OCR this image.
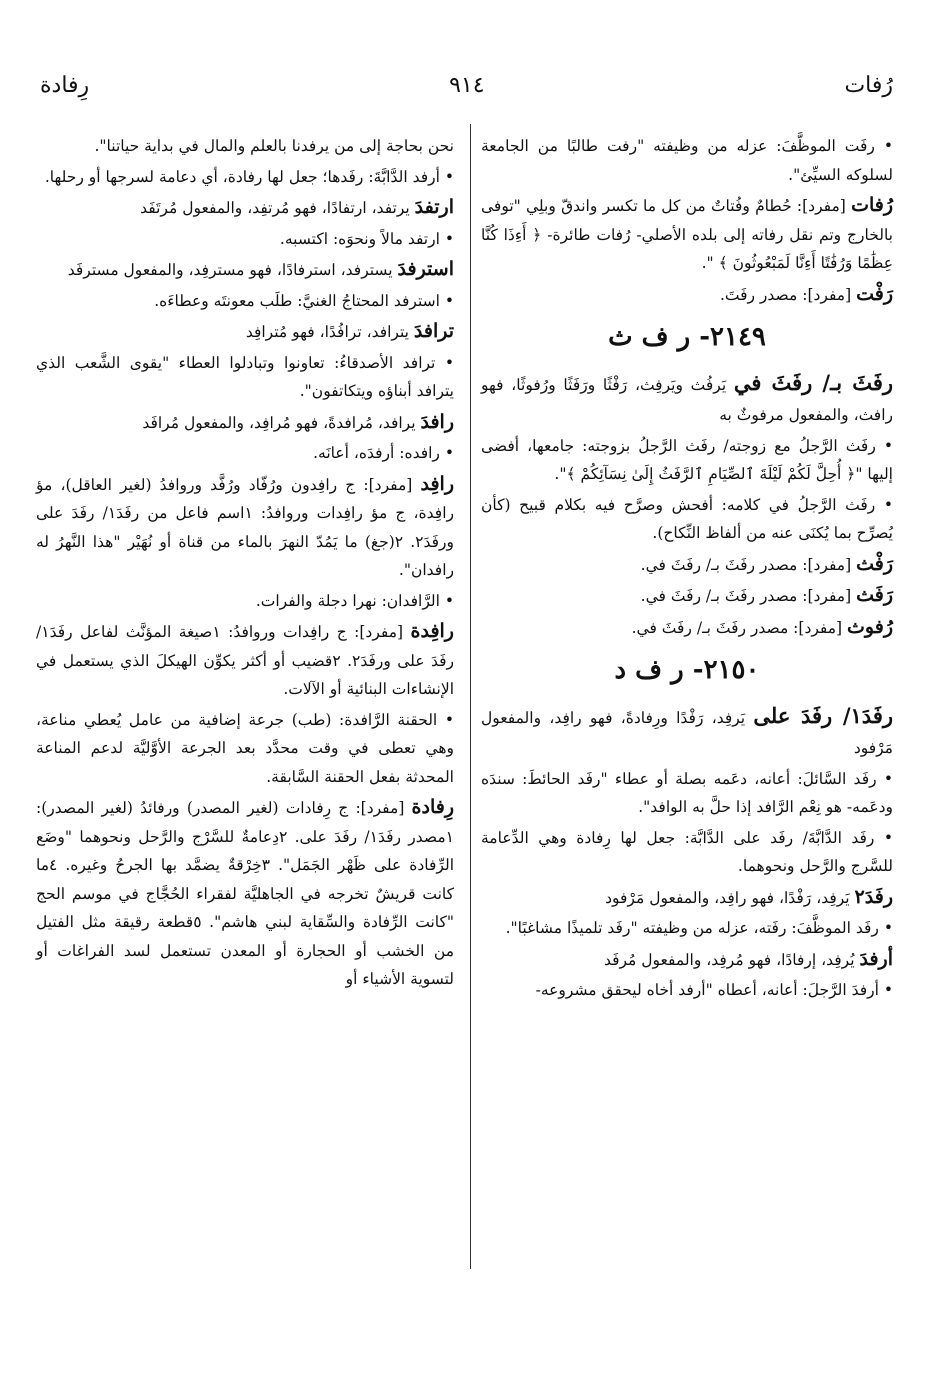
رُفات
٩١٤
رِفادة
• رفَت الموظَّفَ: عزله من وظيفته "رفت طالبًا من الجامعة لسلوكه السيِّئ".
رُفات [مفرد]: حُطامٌ وفُتاتٌ من كل ما تكسر واندقّ وبلِي "توفى بالخارج وتم نقل رفاته إلى بلده الأصلي- رُفات طائرة- ﴿ أَءِذَا كُنَّا عِظَٰمًا وَرُفَٰتًا أَءِنَّا لَمَبْعُوثُونَ ﴾ ".
رَفْت [مفرد]: مصدر رفَتَ.
٢١٤٩- ر ف ث
رفَثَ بـ/ رفَثَ في يَرفُث ويَرفِث، رَفْثًا ورَفَثًا ورُفوثًا، فهو رافث، والمفعول مرفوثٌ به
• رفَث الرَّجلُ مع زوجته/ رفَث الرَّجلُ بزوجته: جامعها، أفضى إليها "﴿ أُحِلَّ لَكُمْ لَيْلَةَ ٱلصِّيَامِ ٱلرَّفَثُ إِلَىٰ نِسَآئِكُمْ ﴾".
• رفَث الرَّجلُ في كلامه: أفحش وصرَّح فيه بكلام قبيح (كأن يُصرِّح بما يُكنَى عنه من ألفاظ النِّكاح).
رَفْث [مفرد]: مصدر رفَثَ بـ/ رفَثَ في.
رَفَث [مفرد]: مصدر رفَثَ بـ/ رفَثَ في.
رُفوث [مفرد]: مصدر رفَثَ بـ/ رفَثَ في.
٢١٥٠- ر ف د
رفَدَ١/ رفَدَ على يَرفِد، رَفْدًا ورِفادةً، فهو رافِد، والمفعول مَرْفود
• رفَد السَّائلَ: أعانه، دعَمه بصلة أو عطاء "رفَد الحائطَ: سندَه ودعَمه- هو نِعْم الرَّافد إذا حلَّ به الوافد".
• رفَد الدَّابَّةَ/ رفَد على الدَّابَّة: جعل لها رِفادة وهي الدِّعامة للسَّرج والرَّحل ونحوهما.
رفَدَ٢ يَرفِد، رَفْدًا، فهو رافِد، والمفعول مَرْفود
• رفَد الموظَّفَ: رفَته، عزله من وظيفته "رفَد تلميذًا مشاغبًا".
أرفدَ يُرفِد، إرفادًا، فهو مُرفِد، والمفعول مُرفَد
• أرفدَ الرَّجلَ: أعانه، أعطاه "أرفد أخاه ليحقق مشروعه-
نحن بحاجة إلى من يرفدنا بالعلم والمال في بداية حياتنا".
• أرفد الدَّابَّةَ: رفَدها؛ جعل لها رفادة، أي دعامة لسرجها أو رحلها.
ارتفدَ يرتفد، ارتفادًا، فهو مُرتفِد، والمفعول مُرتَفَد
• ارتفد مالاً ونحوَه: اكتسبه.
استرفدَ يسترفد، استرفادًا، فهو مسترفِد، والمفعول مسترفَد
• استرفد المحتاجُ الغنيَّ: طلَب معونتَه وعطاءَه.
ترافدَ يترافد، ترافُدًا، فهو مُترافِد
• ترافد الأصدقاءُ: تعاونوا وتبادلوا العطاء "يقوى الشَّعب الذي يترافد أبناؤه ويتكاتفون".
رافدَ يرافد، مُرافدةً، فهو مُرافِد، والمفعول مُرافَد
• رافده: أرفدَه، أعانَه.
رافِد [مفرد]: ج رافِدون ورُفّاد ورُفَّد وروافدُ (لغير العاقل)، مؤ رافِدة، ج مؤ رافِدات وروافدُ: ١اسم فاعل من رفَدَ١/ رفَدَ على ورفَدَ٢. ٢(جغ) ما يَمُدّ النهرَ بالماء من قناة أو نُهَيْر "هذا النَّهرُ له رافدان".
• الرَّافدان: نهرا دجلة والفرات.
رافِدة [مفرد]: ج رافِدات وروافدُ: ١صيغة المؤنَّث لفاعل رفَدَ١/ رفَدَ على ورفَدَ٢. ٢قضيب أو أكثر يكوِّن الهيكلَ الذي يستعمل في الإنشاءات البنائية أو الآلات.
• الحقنة الرَّافدة: (طب) جرعة إضافية من عامل يُعطي مناعة، وهي تعطى في وقت محدَّد بعد الجرعة الأوَّليَّة لدعم المناعة المحدثة بفعل الحقنة السَّابقة.
رِفادة [مفرد]: ج رِفادات (لغير المصدر) ورفائدُ (لغير المصدر): ١مصدر رفَدَ١/ رفَدَ على. ٢دِعامةٌ للسَّرْج والرَّحل ونحوهما "وضَع الرِّفادة على ظَهْر الجَمَل". ٣خِرْقةٌ يضمَّد بها الجرحُ وغيره. ٤ما كانت قريشٌ تخرجه في الجاهليَّة لفقراء الحُجَّاج في موسم الحج "كانت الرِّفادة والسِّقاية لبني هاشم". ٥قطعة رقيقة مثل الفتيل من الخشب أو الحجارة أو المعدن تستعمل لسد الفراغات أو لتسوية الأشياء أو
